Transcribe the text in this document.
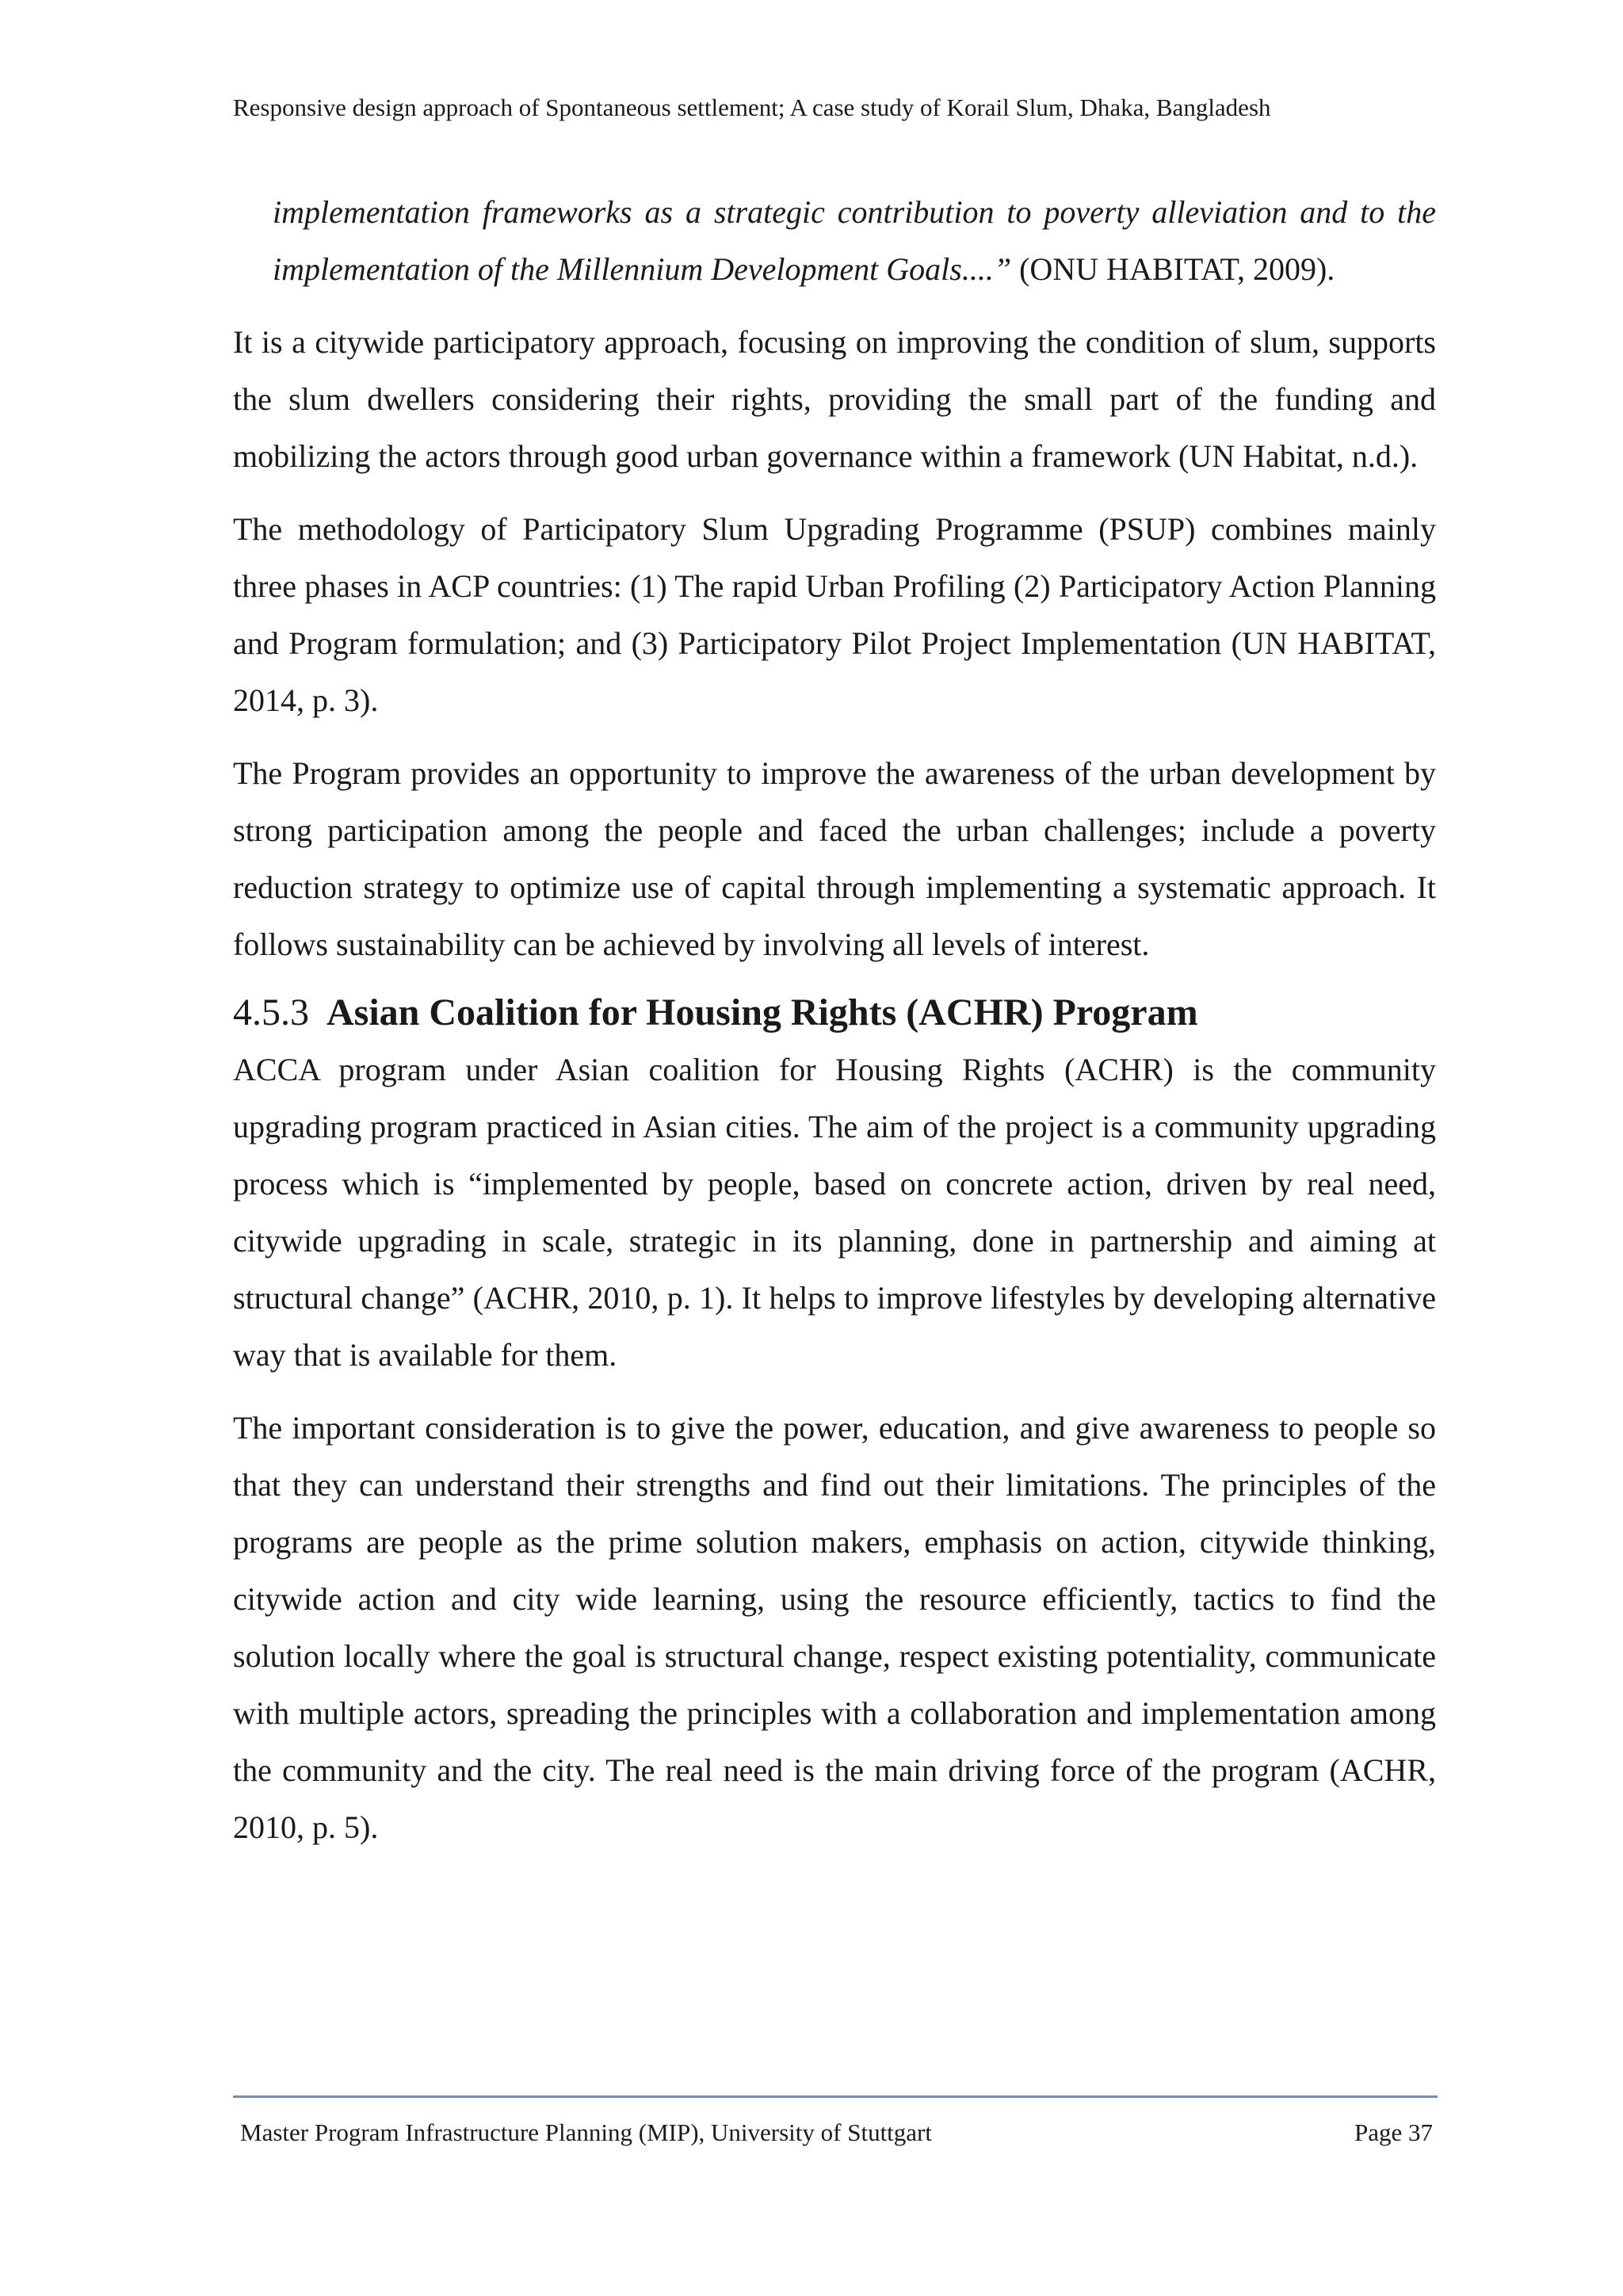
Responsive design approach of Spontaneous settlement; A case study of Korail Slum, Dhaka, Bangladesh

implementation frameworks as a strategic contribution to poverty alleviation and to the implementation of the Millennium Development Goals....” (ONU HABITAT, 2009).

It is a citywide participatory approach, focusing on improving the condition of slum, supports the slum dwellers considering their rights, providing the small part of the funding and mobilizing the actors through good urban governance within a framework (UN Habitat, n.d.).

The methodology of Participatory Slum Upgrading Programme (PSUP) combines mainly three phases in ACP countries: (1) The rapid Urban Profiling (2) Participatory Action Planning and Program formulation; and (3) Participatory Pilot Project Implementation (UN HABITAT, 2014, p. 3).

The Program provides an opportunity to improve the awareness of the urban development by strong participation among the people and faced the urban challenges; include a poverty reduction strategy to optimize use of capital through implementing a systematic approach. It follows sustainability can be achieved by involving all levels of interest.

4.5.3 Asian Coalition for Housing Rights (ACHR) Program

ACCA program under Asian coalition for Housing Rights (ACHR) is the community upgrading program practiced in Asian cities. The aim of the project is a community upgrading process which is “implemented by people, based on concrete action, driven by real need, citywide upgrading in scale, strategic in its planning, done in partnership and aiming at structural change” (ACHR, 2010, p. 1). It helps to improve lifestyles by developing alternative way that is available for them.

The important consideration is to give the power, education, and give awareness to people so that they can understand their strengths and find out their limitations. The principles of the programs are people as the prime solution makers, emphasis on action, citywide thinking, citywide action and city wide learning, using the resource efficiently, tactics to find the solution locally where the goal is structural change, respect existing potentiality, communicate with multiple actors, spreading the principles with a collaboration and implementation among the community and the city. The real need is the main driving force of the program (ACHR, 2010, p. 5).

Master Program Infrastructure Planning (MIP), University of Stuttgart	Page 37
